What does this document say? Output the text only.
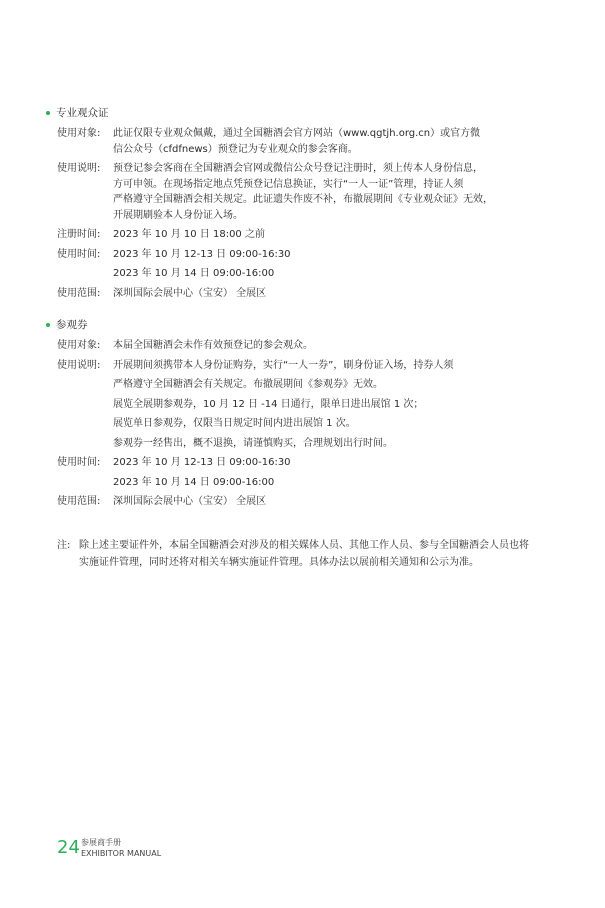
专业观众证
使用对象:	此证仅限专业观众佩戴，通过全国糖酒会官方网站（www.qgtjh.org.cn）或官方微
信公众号（cfdfnews）预登记为专业观众的参会客商。
使用说明:	预登记参会客商在全国糖酒会官网或微信公众号登记注册时，须上传本人身份信息，
方可申领。在现场指定地点凭预登记信息换证，实行“一人一证”管理，持证人须
严格遵守全国糖酒会相关规定。此证遗失作废不补，布撤展期间《专业观众证》无效，
开展期刷验本人身份证入场。
注册时间:	2023 年 10 月 10 日 18:00 之前
使用时间:	2023 年 10 月 12-13 日 09:00-16:30
2023 年 10 月 14 日 09:00-16:00
使用范围:	深圳国际会展中心（宝安） 全展区
参观券
使用对象:	本届全国糖酒会未作有效预登记的参会观众。
使用说明:	开展期间须携带本人身份证购券，实行“一人一券”，刷身份证入场，持券人须
严格遵守全国糖酒会有关规定。布撤展期间《参观券》无效。
展览全展期参观券，10 月 12 日 -14 日通行，限单日进出展馆 1 次；
展览单日参观券，仅限当日规定时间内进出展馆 1 次。
参观券一经售出，概不退换，请谨慎购买，合理规划出行时间。
使用时间:	2023 年 10 月 12-13 日 09:00-16:30
2023 年 10 月 14 日 09:00-16:00
使用范围:	深圳国际会展中心（宝安） 全展区
注: 除上述主要证件外，本届全国糖酒会对涉及的相关媒体人员、其他工作人员、参与全国糖酒会人员也将实施证件管理，同时还将对相关车辆实施证件管理。具体办法以展前相关通知和公示为准。
24 参展商手册
EXHIBITOR MANUAL
